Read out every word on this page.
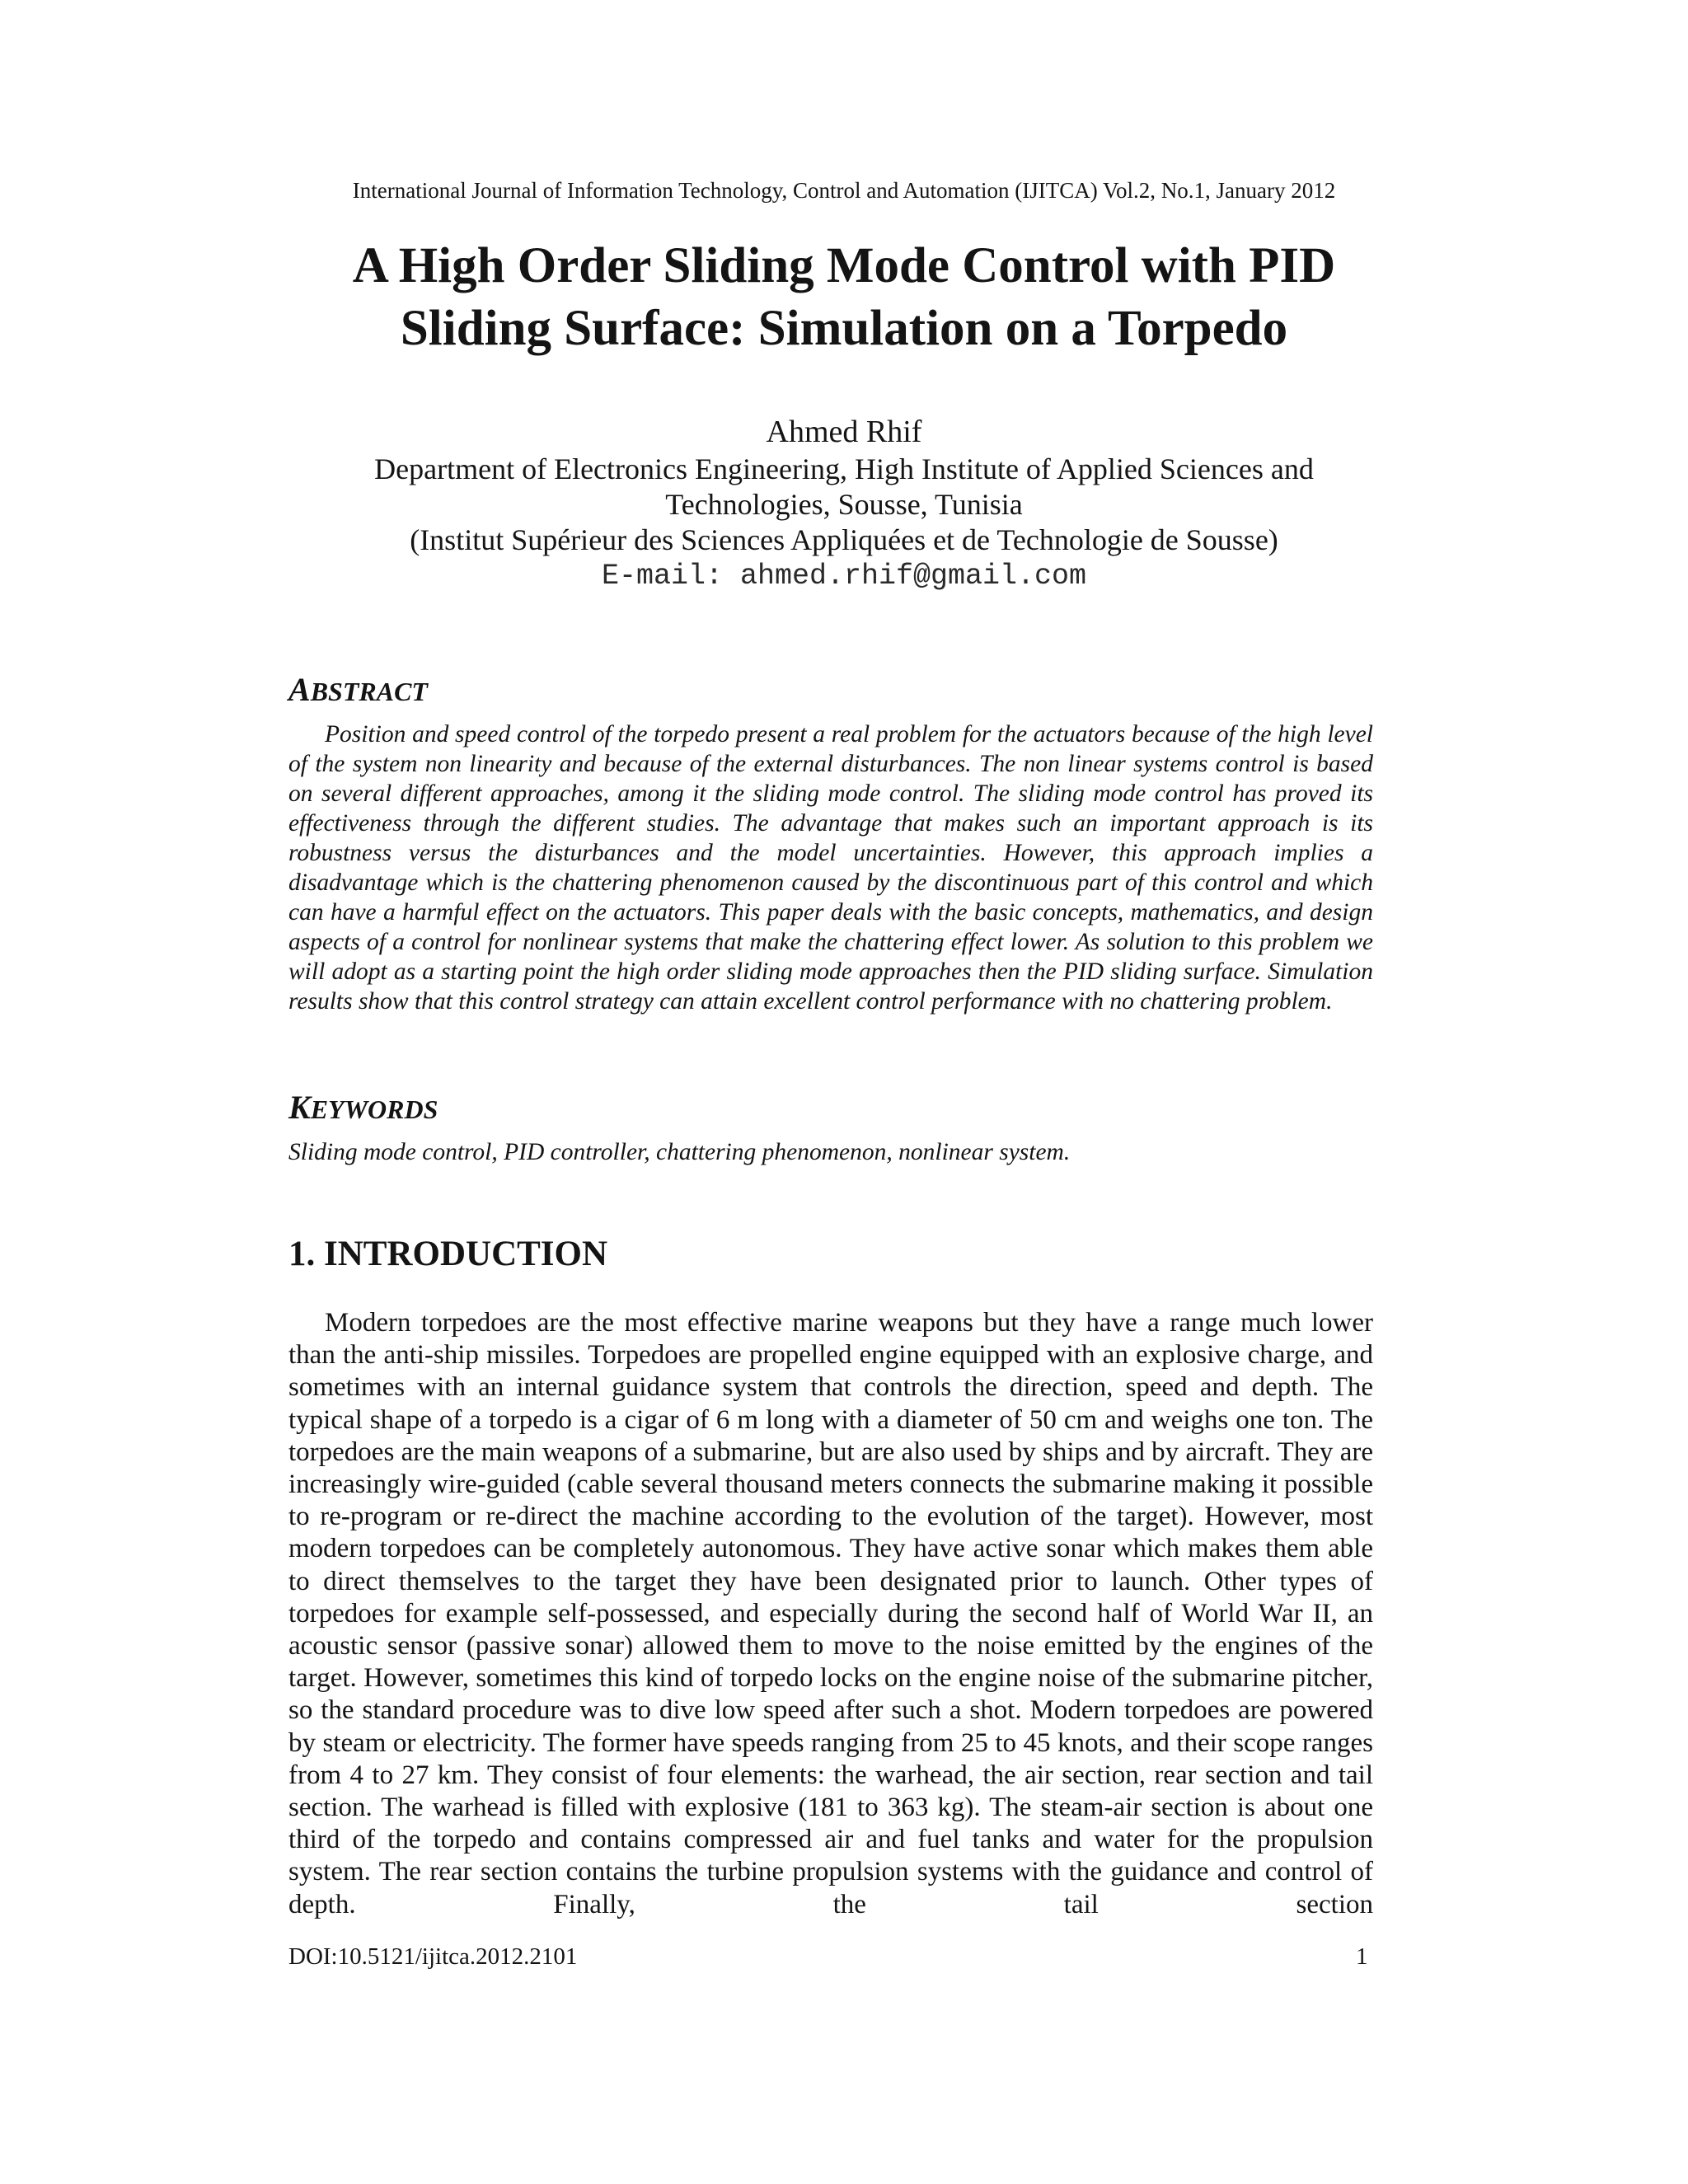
International Journal of Information Technology, Control and Automation (IJITCA) Vol.2, No.1, January 2012
A High Order Sliding Mode Control with PID
Sliding Surface: Simulation on a Torpedo
Ahmed Rhif
Department of Electronics Engineering, High Institute of Applied Sciences and
Technologies, Sousse, Tunisia
(Institut Supérieur des Sciences Appliquées et de Technologie de Sousse)
E-mail: ahmed.rhif@gmail.com
ABSTRACT

Position and speed control of the torpedo present a real problem for the actuators because of the high level of the system non linearity and because of the external disturbances. The non linear systems control is based on several different approaches, among it the sliding mode control. The sliding mode control has proved its effectiveness through the different studies. The advantage that makes such an important approach is its robustness versus the disturbances and the model uncertainties. However, this approach implies a disadvantage which is the chattering phenomenon caused by the discontinuous part of this control and which can have a harmful effect on the actuators. This paper deals with the basic concepts, mathematics, and design aspects of a control for nonlinear systems that make the chattering effect lower. As solution to this problem we will adopt as a starting point the high order sliding mode approaches then the PID sliding surface. Simulation results show that this control strategy can attain excellent control performance with no chattering problem.

KEYWORDS

Sliding mode control, PID controller, chattering phenomenon, nonlinear system.

1. INTRODUCTION

Modern torpedoes are the most effective marine weapons but they have a range much lower than the anti-ship missiles. Torpedoes are propelled engine equipped with an explosive charge, and sometimes with an internal guidance system that controls the direction, speed and depth. The typical shape of a torpedo is a cigar of 6 m long with a diameter of 50 cm and weighs one ton. The torpedoes are the main weapons of a submarine, but are also used by ships and by aircraft. They are increasingly wire-guided (cable several thousand meters connects the submarine making it possible to re-program or re-direct the machine according to the evolution of the target). However, most modern torpedoes can be completely autonomous. They have active sonar which makes them able to direct themselves to the target they have been designated prior to launch. Other types of torpedoes for example self-possessed, and especially during the second half of World War II, an acoustic sensor (passive sonar) allowed them to move to the noise emitted by the engines of the target. However, sometimes this kind of torpedo locks on the engine noise of the submarine pitcher, so the standard procedure was to dive low speed after such a shot. Modern torpedoes are powered by steam or electricity. The former have speeds ranging from 25 to 45 knots, and their scope ranges from 4 to 27 km. They consist of four elements: the warhead, the air section, rear section and tail section. The warhead is filled with explosive (181 to 363 kg). The steam-air section is about one third of the torpedo and contains compressed air and fuel tanks and water for the propulsion system. The rear section contains the turbine propulsion systems with the guidance and control of depth. Finally, the tail section

DOI:10.5121/ijitca.2012.2101	1
